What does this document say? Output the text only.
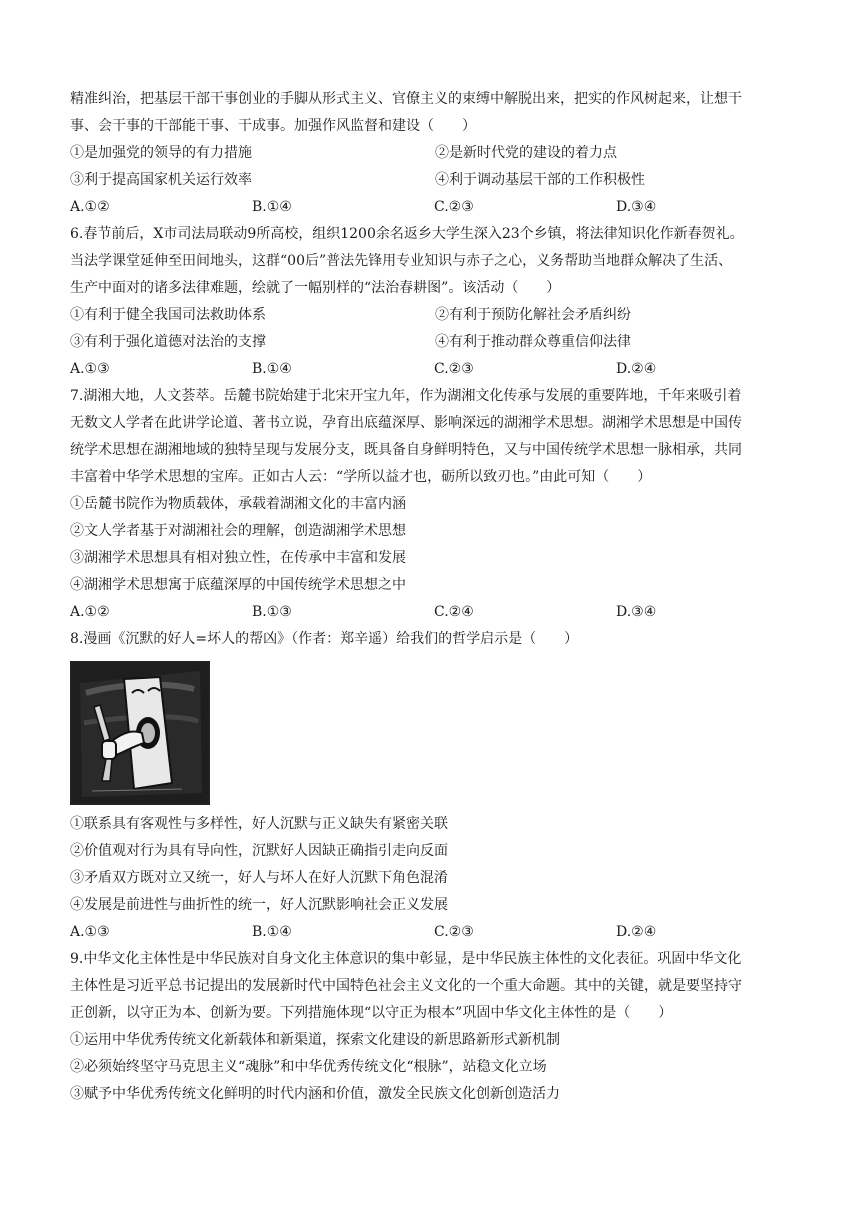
精准纠治，把基层干部干事创业的手脚从形式主义、官僚主义的束缚中解脱出来，把实的作风树起来，让想干
事、会干事的干部能干事、干成事。加强作风监督和建设（　　）
①是加强党的领导的有力措施	②是新时代党的建设的着力点
③利于提高国家机关运行效率	④利于调动基层干部的工作积极性
A.①②	B.①④	C.②③	D.③④
6.春节前后，X市司法局联动9所高校，组织1200余名返乡大学生深入23个乡镇，将法律知识化作新春贺礼。
当法学课堂延伸至田间地头，这群“00后”普法先锋用专业知识与赤子之心，义务帮助当地群众解决了生活、
生产中面对的诸多法律难题，绘就了一幅别样的“法治春耕图”。该活动（　　）
①有利于健全我国司法救助体系	②有利于预防化解社会矛盾纠纷
③有利于强化道德对法治的支撑	④有利于推动群众尊重信仰法律
A.①③	B.①④	C.②③	D.②④
7.湖湘大地，人文荟萃。岳麓书院始建于北宋开宝九年，作为湖湘文化传承与发展的重要阵地，千年来吸引着
无数文人学者在此讲学论道、著书立说，孕育出底蕴深厚、影响深远的湖湘学术思想。湖湘学术思想是中国传
统学术思想在湖湘地域的独特呈现与发展分支，既具备自身鲜明特色，又与中国传统学术思想一脉相承，共同
丰富着中华学术思想的宝库。正如古人云：“学所以益才也，砺所以致刃也。”由此可知（　　）
①岳麓书院作为物质载体，承载着湖湘文化的丰富内涵
②文人学者基于对湖湘社会的理解，创造湖湘学术思想
③湖湘学术思想具有相对独立性，在传承中丰富和发展
④湖湘学术思想寓于底蕴深厚的中国传统学术思想之中
A.①②	B.①③	C.②④	D.③④
8.漫画《沉默的好人=坏人的帮凶》（作者：郑辛遥）给我们的哲学启示是（　　）
①联系具有客观性与多样性，好人沉默与正义缺失有紧密关联
②价值观对行为具有导向性，沉默好人因缺正确指引走向反面
③矛盾双方既对立又统一，好人与坏人在好人沉默下角色混淆
④发展是前进性与曲折性的统一，好人沉默影响社会正义发展
A.①③	B.①④	C.②③	D.②④
9.中华文化主体性是中华民族对自身文化主体意识的集中彰显，是中华民族主体性的文化表征。巩固中华文化
主体性是习近平总书记提出的发展新时代中国特色社会主义文化的一个重大命题。其中的关键，就是要坚持守
正创新，以守正为本、创新为要。下列措施体现“以守正为根本”巩固中华文化主体性的是（　　）
①运用中华优秀传统文化新载体和新渠道，探索文化建设的新思路新形式新机制
②必须始终坚守马克思主义“魂脉”和中华优秀传统文化“根脉”，站稳文化立场
③赋予中华优秀传统文化鲜明的时代内涵和价值，激发全民族文化创新创造活力
